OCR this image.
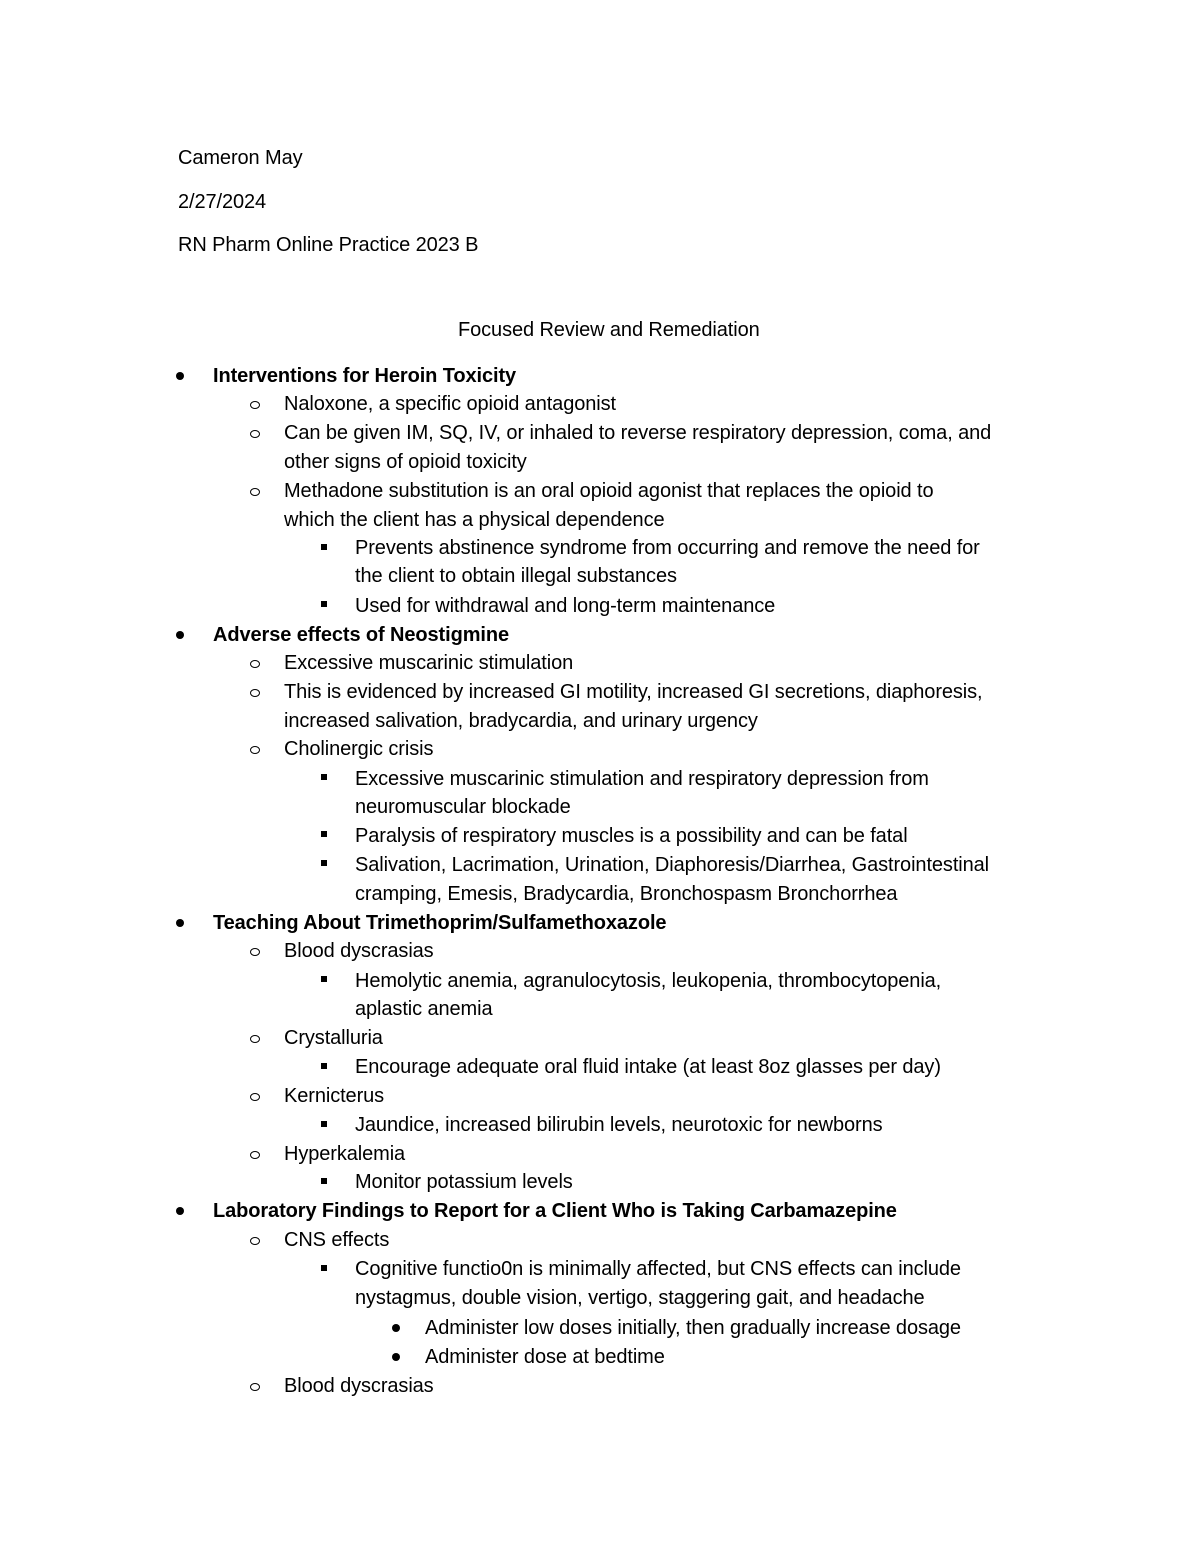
Cameron May
2/27/2024
RN Pharm Online Practice 2023 B
Focused Review and Remediation
Interventions for Heroin Toxicity
Naloxone, a specific opioid antagonist
Can be given IM, SQ, IV, or inhaled to reverse respiratory depression, coma, and
other signs of opioid toxicity
Methadone substitution is an oral opioid agonist that replaces the opioid to
which the client has a physical dependence
Prevents abstinence syndrome from occurring and remove the need for
the client to obtain illegal substances
Used for withdrawal and long-term maintenance
Adverse effects of Neostigmine
Excessive muscarinic stimulation
This is evidenced by increased GI motility, increased GI secretions, diaphoresis,
increased salivation, bradycardia, and urinary urgency
Cholinergic crisis
Excessive muscarinic stimulation and respiratory depression from
neuromuscular blockade
Paralysis of respiratory muscles is a possibility and can be fatal
Salivation, Lacrimation, Urination, Diaphoresis/Diarrhea, Gastrointestinal
cramping, Emesis, Bradycardia, Bronchospasm Bronchorrhea
Teaching About Trimethoprim/Sulfamethoxazole
Blood dyscrasias
Hemolytic anemia, agranulocytosis, leukopenia, thrombocytopenia,
aplastic anemia
Crystalluria
Encourage adequate oral fluid intake (at least 8oz glasses per day)
Kernicterus
Jaundice, increased bilirubin levels, neurotoxic for newborns
Hyperkalemia
Monitor potassium levels
Laboratory Findings to Report for a Client Who is Taking Carbamazepine
CNS effects
Cognitive functio0n is minimally affected, but CNS effects can include
nystagmus, double vision, vertigo, staggering gait, and headache
Administer low doses initially, then gradually increase dosage
Administer dose at bedtime
Blood dyscrasias
